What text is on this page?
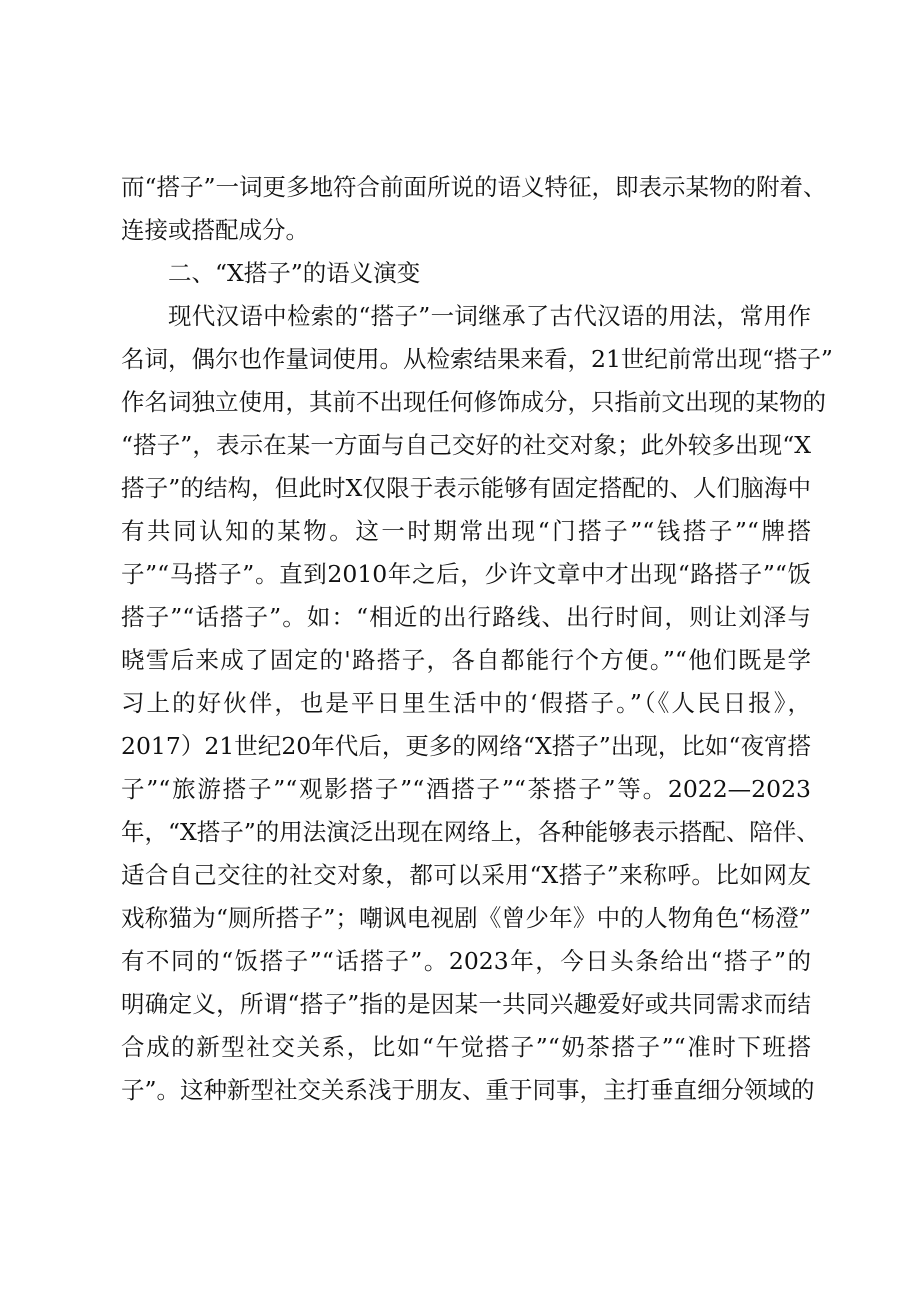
而“搭子”一词更多地符合前面所说的语义特征，即表示某物的附着、
连接或搭配成分。
二、“X搭子”的语义演变
现代汉语中检索的“搭子”一词继承了古代汉语的用法，常用作
名词，偶尔也作量词使用。从检索结果来看，21世纪前常出现“搭子”
作名词独立使用，其前不出现任何修饰成分，只指前文出现的某物的
“搭子”，表示在某一方面与自己交好的社交对象；此外较多出现“X
搭子”的结构，但此时X仅限于表示能够有固定搭配的、人们脑海中
有共同认知的某物。这一时期常出现“门搭子”“钱搭子”“牌搭
子”“马搭子”。直到2010年之后，少许文章中才出现“路搭子”“饭
搭子”“话搭子”。如：“相近的出行路线、出行时间，则让刘泽与
晓雪后来成了固定的'路搭子，各自都能行个方便。”“他们既是学
习上的好伙伴，也是平日里生活中的‘假搭子。”（《人民日报》，
2017）21世纪20年代后，更多的网络“X搭子”出现，比如“夜宵搭
子”“旅游搭子”“观影搭子”“酒搭子”“茶搭子”等。2022—2023
年，“X搭子”的用法演泛出现在网络上，各种能够表示搭配、陪伴、
适合自己交往的社交对象，都可以采用“X搭子”来称呼。比如网友
戏称猫为“厕所搭子”；嘲讽电视剧《曾少年》中的人物角色“杨澄”
有不同的“饭搭子”“话搭子”。2023年，今日头条给出“搭子”的
明确定义，所谓“搭子”指的是因某一共同兴趣爱好或共同需求而结
合成的新型社交关系，比如“午觉搭子”“奶茶搭子”“准时下班搭
子”。这种新型社交关系浅于朋友、重于同事，主打垂直细分领域的
